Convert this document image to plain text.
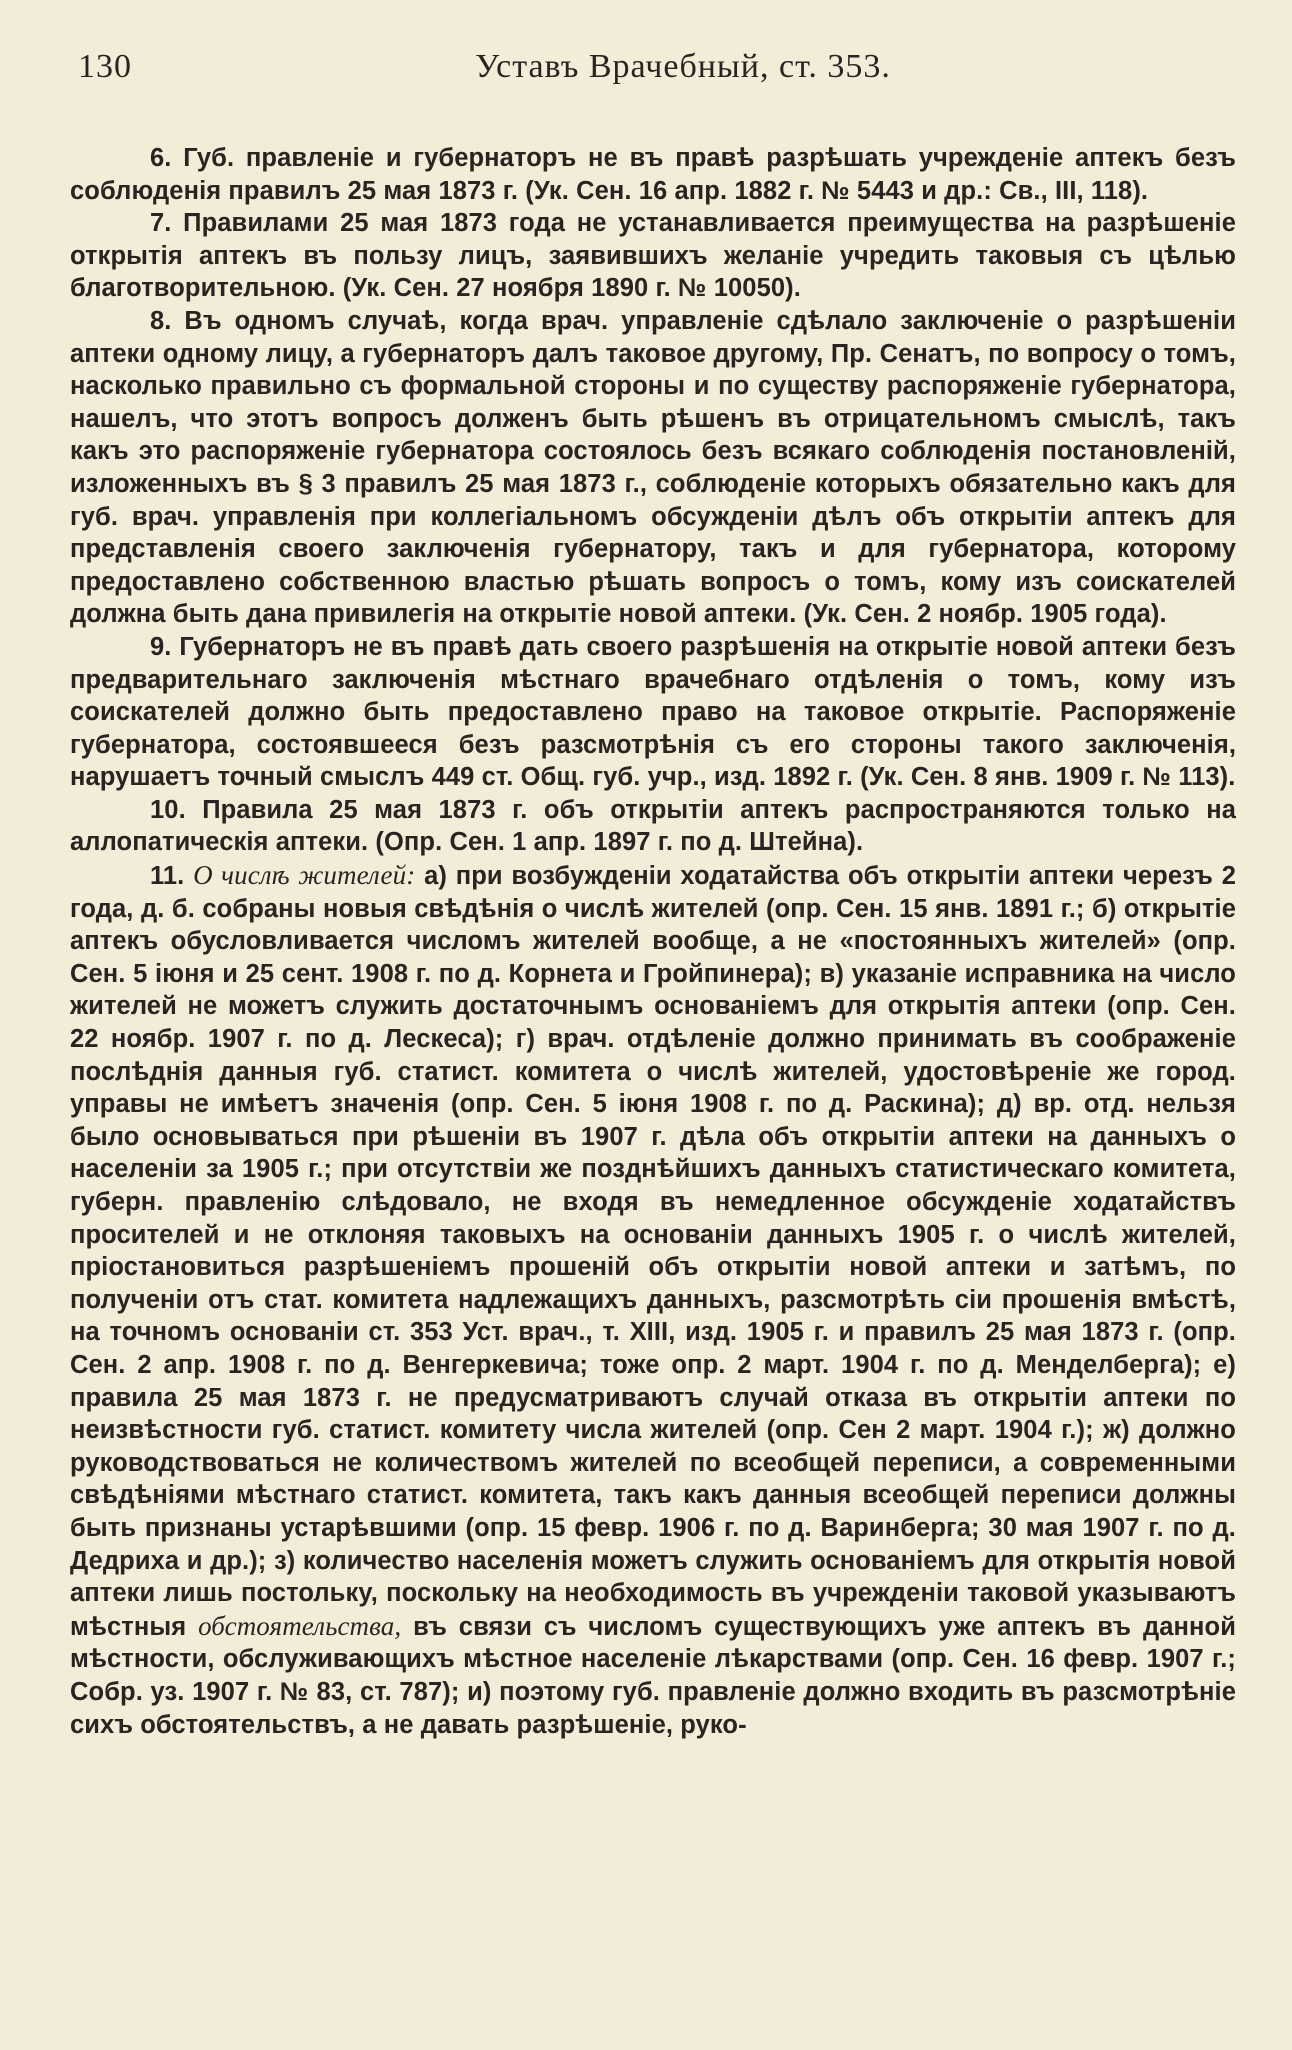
130	Уставъ Врачебный, ст. 353.

6. Губ. правленіе и губернаторъ не въ правѣ разрѣшать учрежденіе аптекъ безъ соблюденія правилъ 25 мая 1873 г. (Ук. Сен. 16 апр. 1882 г. № 5443 и др.: Св., III, 118).

7. Правилами 25 мая 1873 года не устанавливается преимущества на разрѣшеніе открытія аптекъ въ пользу лицъ, заявившихъ желаніе учредить таковыя съ цѣлью благотворительною. (Ук. Сен. 27 ноября 1890 г. № 10050).

8. Въ одномъ случаѣ, когда врач. управленіе сдѣлало заключеніе о разрѣшеніи аптеки одному лицу, а губернаторъ далъ таковое другому, Пр. Сенатъ, по вопросу о томъ, насколько правильно съ формальной стороны и по существу распоряженіе губернатора, нашелъ, что этотъ вопросъ долженъ быть рѣшенъ въ отрицательномъ смыслѣ, такъ какъ это распоряженіе губернатора состоялось безъ всякаго соблюденія постановленій, изложенныхъ въ § 3 правилъ 25 мая 1873 г., соблюденіе которыхъ обязательно какъ для губ. врач. управленія при коллегіальномъ обсужденіи дѣлъ объ открытіи аптекъ для представленія своего заключенія губернатору, такъ и для губернатора, которому предоставлено собственною властью рѣшать вопросъ о томъ, кому изъ соискателей должна быть дана привилегія на открытіе новой аптеки. (Ук. Сен. 2 ноябр. 1905 года).

9. Губернаторъ не въ правѣ дать своего разрѣшенія на открытіе новой аптеки безъ предварительнаго заключенія мѣстнаго врачебнаго отдѣленія о томъ, кому изъ соискателей должно быть предоставлено право на таковое открытіе. Распоряженіе губернатора, состоявшееся безъ разсмотрѣнія съ его стороны такого заключенія, нарушаетъ точный смыслъ 449 ст. Общ. губ. учр., изд. 1892 г. (Ук. Сен. 8 янв. 1909 г. № 113).

10. Правила 25 мая 1873 г. объ открытіи аптекъ распространяются только на аллопатическія аптеки. (Опр. Сен. 1 апр. 1897 г. по д. Штейна).

11. О числѣ жителей: а) при возбужденіи ходатайства объ открытіи аптеки черезъ 2 года, д. б. собраны новыя свѣдѣнія о числѣ жителей (опр. Сен. 15 янв. 1891 г.; б) открытіе аптекъ обусловливается числомъ жителей вообще, а не «постоянныхъ жителей» (опр. Сен. 5 іюня и 25 сент. 1908 г. по д. Корнета и Гройпинера); в) указаніе исправника на число жителей не можетъ служить достаточнымъ основаніемъ для открытія аптеки (опр. Сен. 22 ноябр. 1907 г. по д. Лескеса); г) врач. отдѣленіе должно принимать въ соображеніе послѣднія данныя губ. статист. комитета о числѣ жителей, удостовѣреніе же город. управы не имѣетъ значенія (опр. Сен. 5 іюня 1908 г. по д. Раскина); д) вр. отд. нельзя было основываться при рѣшеніи въ 1907 г. дѣла объ открытіи аптеки на данныхъ о населеніи за 1905 г.; при отсутствіи же позднѣйшихъ данныхъ статистическаго комитета, губерн. правленію слѣдовало, не входя въ немедленное обсужденіе ходатайствъ просителей и не отклоняя таковыхъ на основаніи данныхъ 1905 г. о числѣ жителей, пріостановиться разрѣшеніемъ прошеній объ открытіи новой аптеки и затѣмъ, по полученіи отъ стат. комитета надлежащихъ данныхъ, разсмотрѣть сіи прошенія вмѣстѣ, на точномъ основаніи ст. 353 Уст. врач., т. XIII, изд. 1905 г. и правилъ 25 мая 1873 г. (опр. Сен. 2 апр. 1908 г. по д. Венгеркевича; тоже опр. 2 март. 1904 г. по д. Менделберга); е) правила 25 мая 1873 г. не предусматриваютъ случай отказа въ открытіи аптеки по неизвѣстности губ. статист. комитету числа жителей (опр. Сен 2 март. 1904 г.); ж) должно руководствоваться не количествомъ жителей по всеобщей переписи, а современными свѣдѣніями мѣстнаго статист. комитета, такъ какъ данныя всеобщей переписи должны быть признаны устарѣвшими (опр. 15 февр. 1906 г. по д. Варинберга; 30 мая 1907 г. по д. Дедриха и др.); з) количество населенія можетъ служить основаніемъ для открытія новой аптеки лишь постольку, поскольку на необходимость въ учрежденіи таковой указываютъ мѣстныя обстоятельства, въ связи съ числомъ существующихъ уже аптекъ въ данной мѣстности, обслуживающихъ мѣстное населеніе лѣкарствами (опр. Сен. 16 февр. 1907 г.; Собр. уз. 1907 г. № 83, ст. 787); и) поэтому губ. правленіе должно входить въ разсмотрѣніе сихъ обстоятельствъ, а не давать разрѣшеніе, руко-
